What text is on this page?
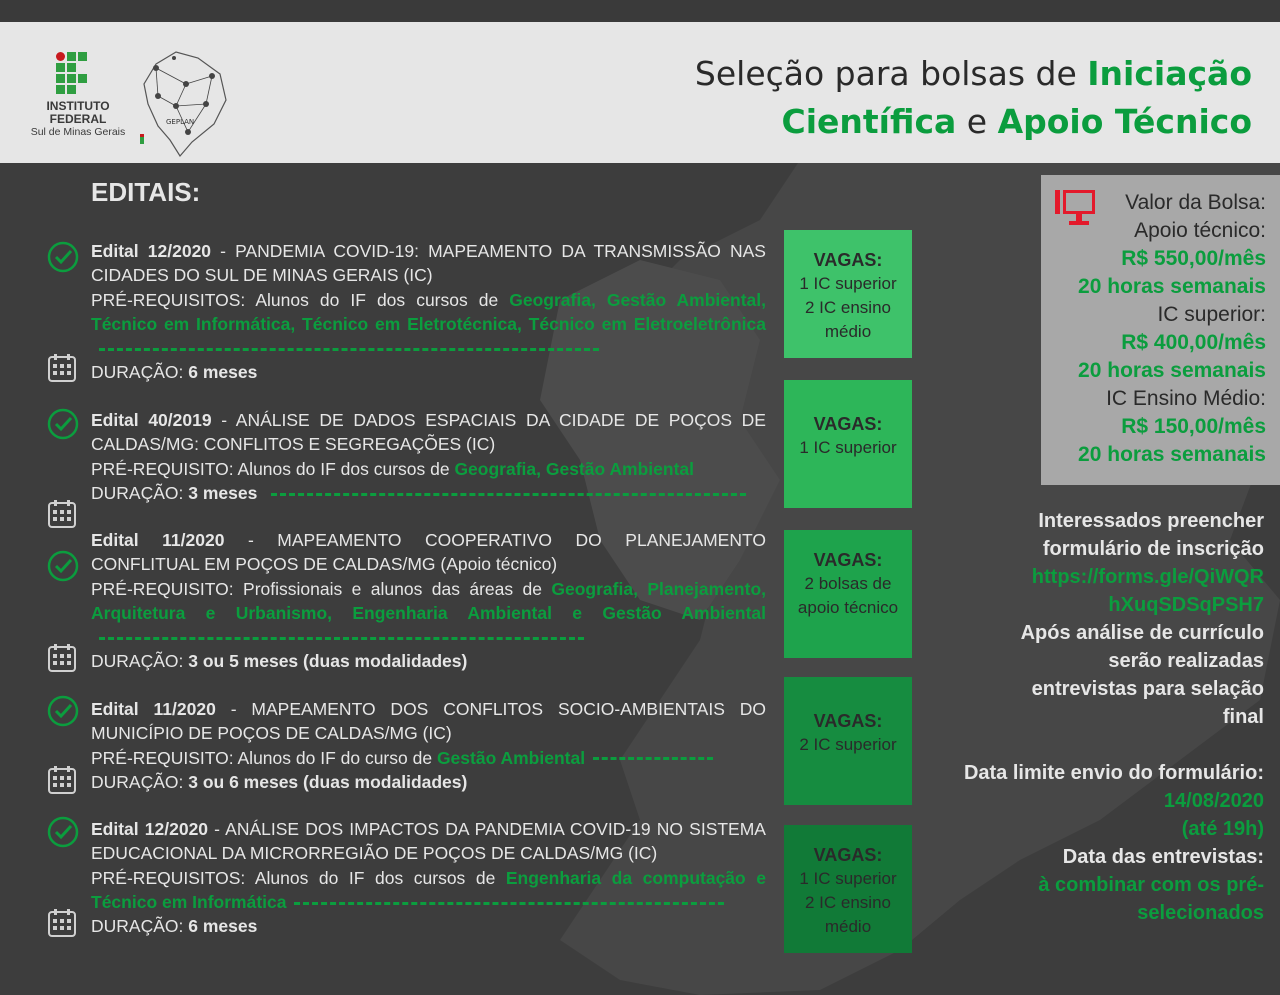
INSTITUTO
FEDERAL
Sul de Minas Gerais
GEPLAN
Seleção para bolsas de Iniciação
Científica e Apoio Técnico
EDITAIS:
Edital 12/2020 - PANDEMIA COVID-19: MAPEAMENTO DA TRANSMISSÃO NAS CIDADES DO SUL DE MINAS GERAIS (IC)
PRÉ-REQUISITOS: Alunos do IF dos cursos de Geografia, Gestão Ambiental, Técnico em Informática, Técnico em Eletrotécnica, Técnico em Eletroeletrônica
DURAÇÃO: 6 meses
VAGAS:
1 IC superior
2 IC ensino
médio
Edital 40/2019 - ANÁLISE DE DADOS ESPACIAIS DA CIDADE DE POÇOS DE CALDAS/MG: CONFLITOS E SEGREGAÇÕES (IC)
PRÉ-REQUISITO: Alunos do IF dos cursos de Geografia, Gestão Ambiental
DURAÇÃO: 3 meses
VAGAS:
1 IC superior
Edital 11/2020 - MAPEAMENTO COOPERATIVO DO PLANEJAMENTO CONFLITUAL EM POÇOS DE CALDAS/MG (Apoio técnico)
PRÉ-REQUISITO: Profissionais e alunos das áreas de Geografia, Planejamento, Arquitetura e Urbanismo, Engenharia Ambiental e Gestão Ambiental
DURAÇÃO: 3 ou 5 meses (duas modalidades)
VAGAS:
2 bolsas de
apoio técnico
Edital 11/2020 - MAPEAMENTO DOS CONFLITOS SOCIO-AMBIENTAIS DO MUNICÍPIO DE POÇOS DE CALDAS/MG (IC)
PRÉ-REQUISITO: Alunos do IF do curso de Gestão Ambiental
DURAÇÃO: 3 ou 6 meses (duas modalidades)
VAGAS:
2 IC superior
Edital 12/2020 - ANÁLISE DOS IMPACTOS DA PANDEMIA COVID-19 NO SISTEMA EDUCACIONAL DA MICRORREGIÃO DE POÇOS DE CALDAS/MG (IC)
PRÉ-REQUISITOS: Alunos do IF dos cursos de Engenharia da computação e Técnico em Informática
DURAÇÃO: 6 meses
VAGAS:
1 IC superior
2 IC ensino
médio
Valor da Bolsa:
Apoio técnico:
R$ 550,00/mês
20 horas semanais
IC superior:
R$ 400,00/mês
20 horas semanais
IC Ensino Médio:
R$ 150,00/mês
20 horas semanais
Interessados preencher formulário de inscrição
https://forms.gle/QiWQR
hXuqSDSqPSH7
Após análise de currículo serão realizadas entrevistas para selação final
Data limite envio do formulário: 14/08/2020
(até 19h)
Data das entrevistas:
à combinar com os pré-selecionados
